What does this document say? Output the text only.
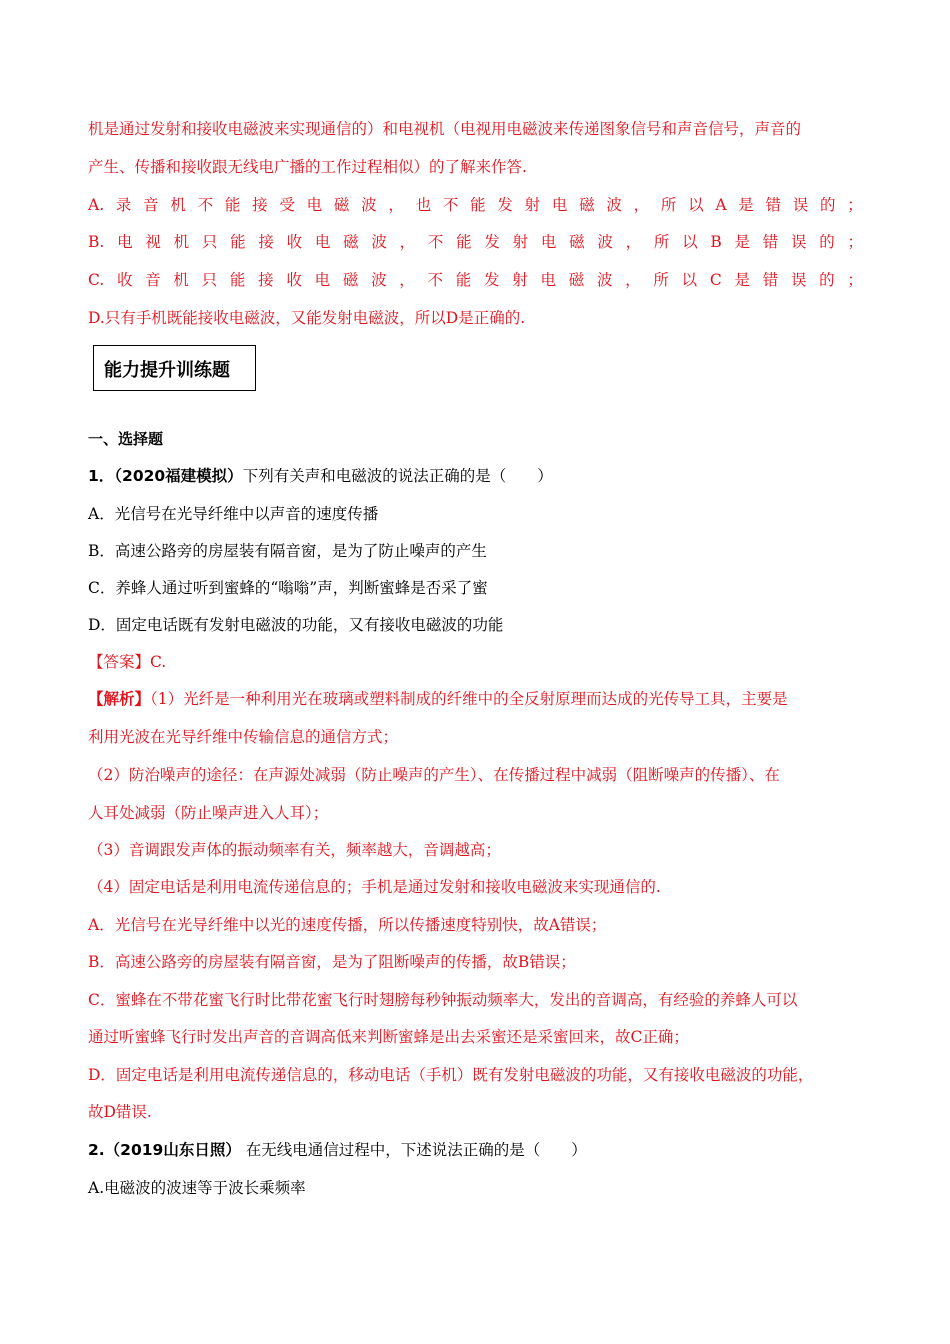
机是通过发射和接收电磁波来实现通信的）和电视机（电视用电磁波来传递图象信号和声音信号，声音的
产生、传播和接收跟无线电广播的工作过程相似）的了解来作答.
A. 录 音 机 不 能 接 受 电 磁 波 ， 也 不 能 发 射 电 磁 波 ， 所 以 A 是 错 误 的 ；
B. 电 视 机 只 能 接 收 电 磁 波 ， 不 能 发 射 电 磁 波 ， 所 以 B 是 错 误 的 ；
C. 收 音 机 只 能 接 收 电 磁 波 ， 不 能 发 射 电 磁 波 ， 所 以 C 是 错 误 的 ；
D.只有手机既能接收电磁波，又能发射电磁波，所以D是正确的.
能力提升训练题
一、选择题
1．（2020福建模拟）下列有关声和电磁波的说法正确的是（　　）
A．光信号在光导纤维中以声音的速度传播
B．高速公路旁的房屋装有隔音窗，是为了防止噪声的产生
C．养蜂人通过听到蜜蜂的“嗡嗡”声，判断蜜蜂是否采了蜜
D．固定电话既有发射电磁波的功能，又有接收电磁波的功能
【答案】C.
【解析】（1）光纤是一种利用光在玻璃或塑料制成的纤维中的全反射原理而达成的光传导工具，主要是
利用光波在光导纤维中传输信息的通信方式；
（2）防治噪声的途径：在声源处减弱（防止噪声的产生）、在传播过程中减弱（阻断噪声的传播）、在
人耳处减弱（防止噪声进入人耳）；
（3）音调跟发声体的振动频率有关，频率越大，音调越高；
（4）固定电话是利用电流传递信息的；手机是通过发射和接收电磁波来实现通信的.
A．光信号在光导纤维中以光的速度传播，所以传播速度特别快，故A错误；
B．高速公路旁的房屋装有隔音窗，是为了阻断噪声的传播，故B错误；
C．蜜蜂在不带花蜜飞行时比带花蜜飞行时翅膀每秒钟振动频率大，发出的音调高，有经验的养蜂人可以
通过听蜜蜂飞行时发出声音的音调高低来判断蜜蜂是出去采蜜还是采蜜回来，故C正确；
D．固定电话是利用电流传递信息的，移动电话（手机）既有发射电磁波的功能，又有接收电磁波的功能，
故D错误.
2.（2019山东日照） 在无线电通信过程中，下述说法正确的是（　　）
A.电磁波的波速等于波长乘频率
